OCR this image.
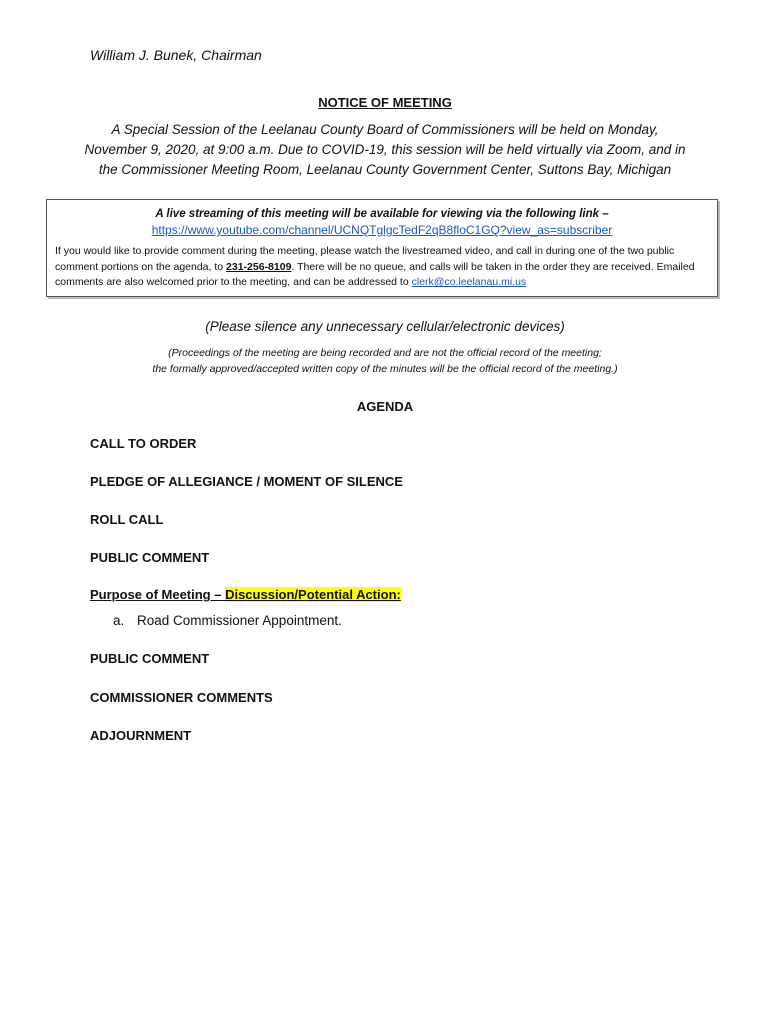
William J. Bunek, Chairman
NOTICE OF MEETING
A Special Session of the Leelanau County Board of Commissioners will be held on Monday,
November 9, 2020, at 9:00 a.m. Due to COVID-19, this session will be held virtually via Zoom, and in
the Commissioner Meeting Room, Leelanau County Government Center, Suttons Bay, Michigan
A live streaming of this meeting will be available for viewing via the following link –
https://www.youtube.com/channel/UCNQTglgcTedF2qB8floC1GQ?view_as=subscriber
If you would like to provide comment during the meeting, please watch the livestreamed video, and call in during one of the two public comment portions on the agenda, to 231-256-8109. There will be no queue, and calls will be taken in the order they are received. Emailed comments are also welcomed prior to the meeting, and can be addressed to clerk@co.leelanau.mi.us
(Please silence any unnecessary cellular/electronic devices)
(Proceedings of the meeting are being recorded and are not the official record of the meeting;
the formally approved/accepted written copy of the minutes will be the official record of the meeting.)
AGENDA
CALL TO ORDER
PLEDGE OF ALLEGIANCE / MOMENT OF SILENCE
ROLL CALL
PUBLIC COMMENT
Purpose of Meeting – Discussion/Potential Action:
a. Road Commissioner Appointment.
PUBLIC COMMENT
COMMISSIONER COMMENTS
ADJOURNMENT
